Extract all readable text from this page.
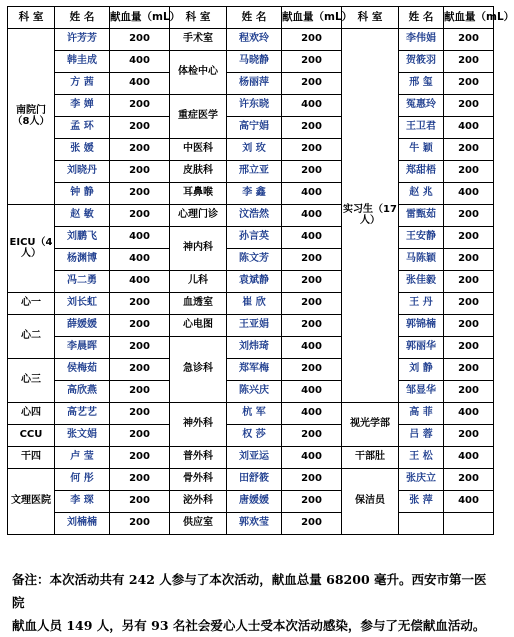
科 室	姓 名	献血量（mL）	科 室	姓 名	献血量（mL）	科 室	姓 名	献血量（mL）
南院门（8人）	许芳芳	200	手术室	程欢玲	200	实习生（17人）	李伟娟	200
	韩圭成	400	体检中心	马晓静	200		贺筱羽	200
	方 茜	400		杨丽萍	200		邢 玺	200
	李 婵	200	重症医学	许东晓	400		冤惠玲	200
	孟 环	200		高宁娟	200		王卫君	400
	张 媛	200	中医科	刘 玫	200		牛 颖	200
	刘晓丹	200	皮肤科	邢立亚	200		郑甜梧	200
	钟 静	200	耳鼻喉	李 鑫	400		赵 兆	400
EICU（4人）	赵 敏	200	心理门诊	汶浩然	400		雷甄茹	200
	刘鹏飞	400	神内科	孙言英	400		王安静	200
	杨渊博	400		陈文芳	200		马陈颖	200
	冯二勇	400	儿科	袁斌静	200		张佳毅	200
心一	刘长虹	200	血透室	崔 欣	200		王 丹	200
心二	薛媛媛	200	心电图	王亚娟	200		郭锦楠	200
	李晨晖	200	急诊科	刘炜琦	400		郭丽华	200
心三	侯梅茹	200		郑军梅	200		刘 静	200
	高欣燕	200		陈兴庆	400		邹显华	200
心四	高艺艺	200	神外科	杭 军	400	视光学部	高 菲	400
CCU	张文娟	200		权 莎	200		吕 蓉	200
干四	卢 莹	200	普外科	刘亚运	400	干部肚	王 松	400
文理医院	何 彤	200	骨外科	田舒筱	200	保洁员	张庆立	200
	李 琛	200	泌外科	唐媛媛	200		张 萍	400
	刘楠楠	200	供应室	郭欢莹	200			
备注：本次活动共有 242 人参与了本次活动，献血总量 68200 毫升。西安市第一医院
献血人员 149 人，另有 93 名社会爱心人士受本次活动感染，参与了无偿献血活动。
